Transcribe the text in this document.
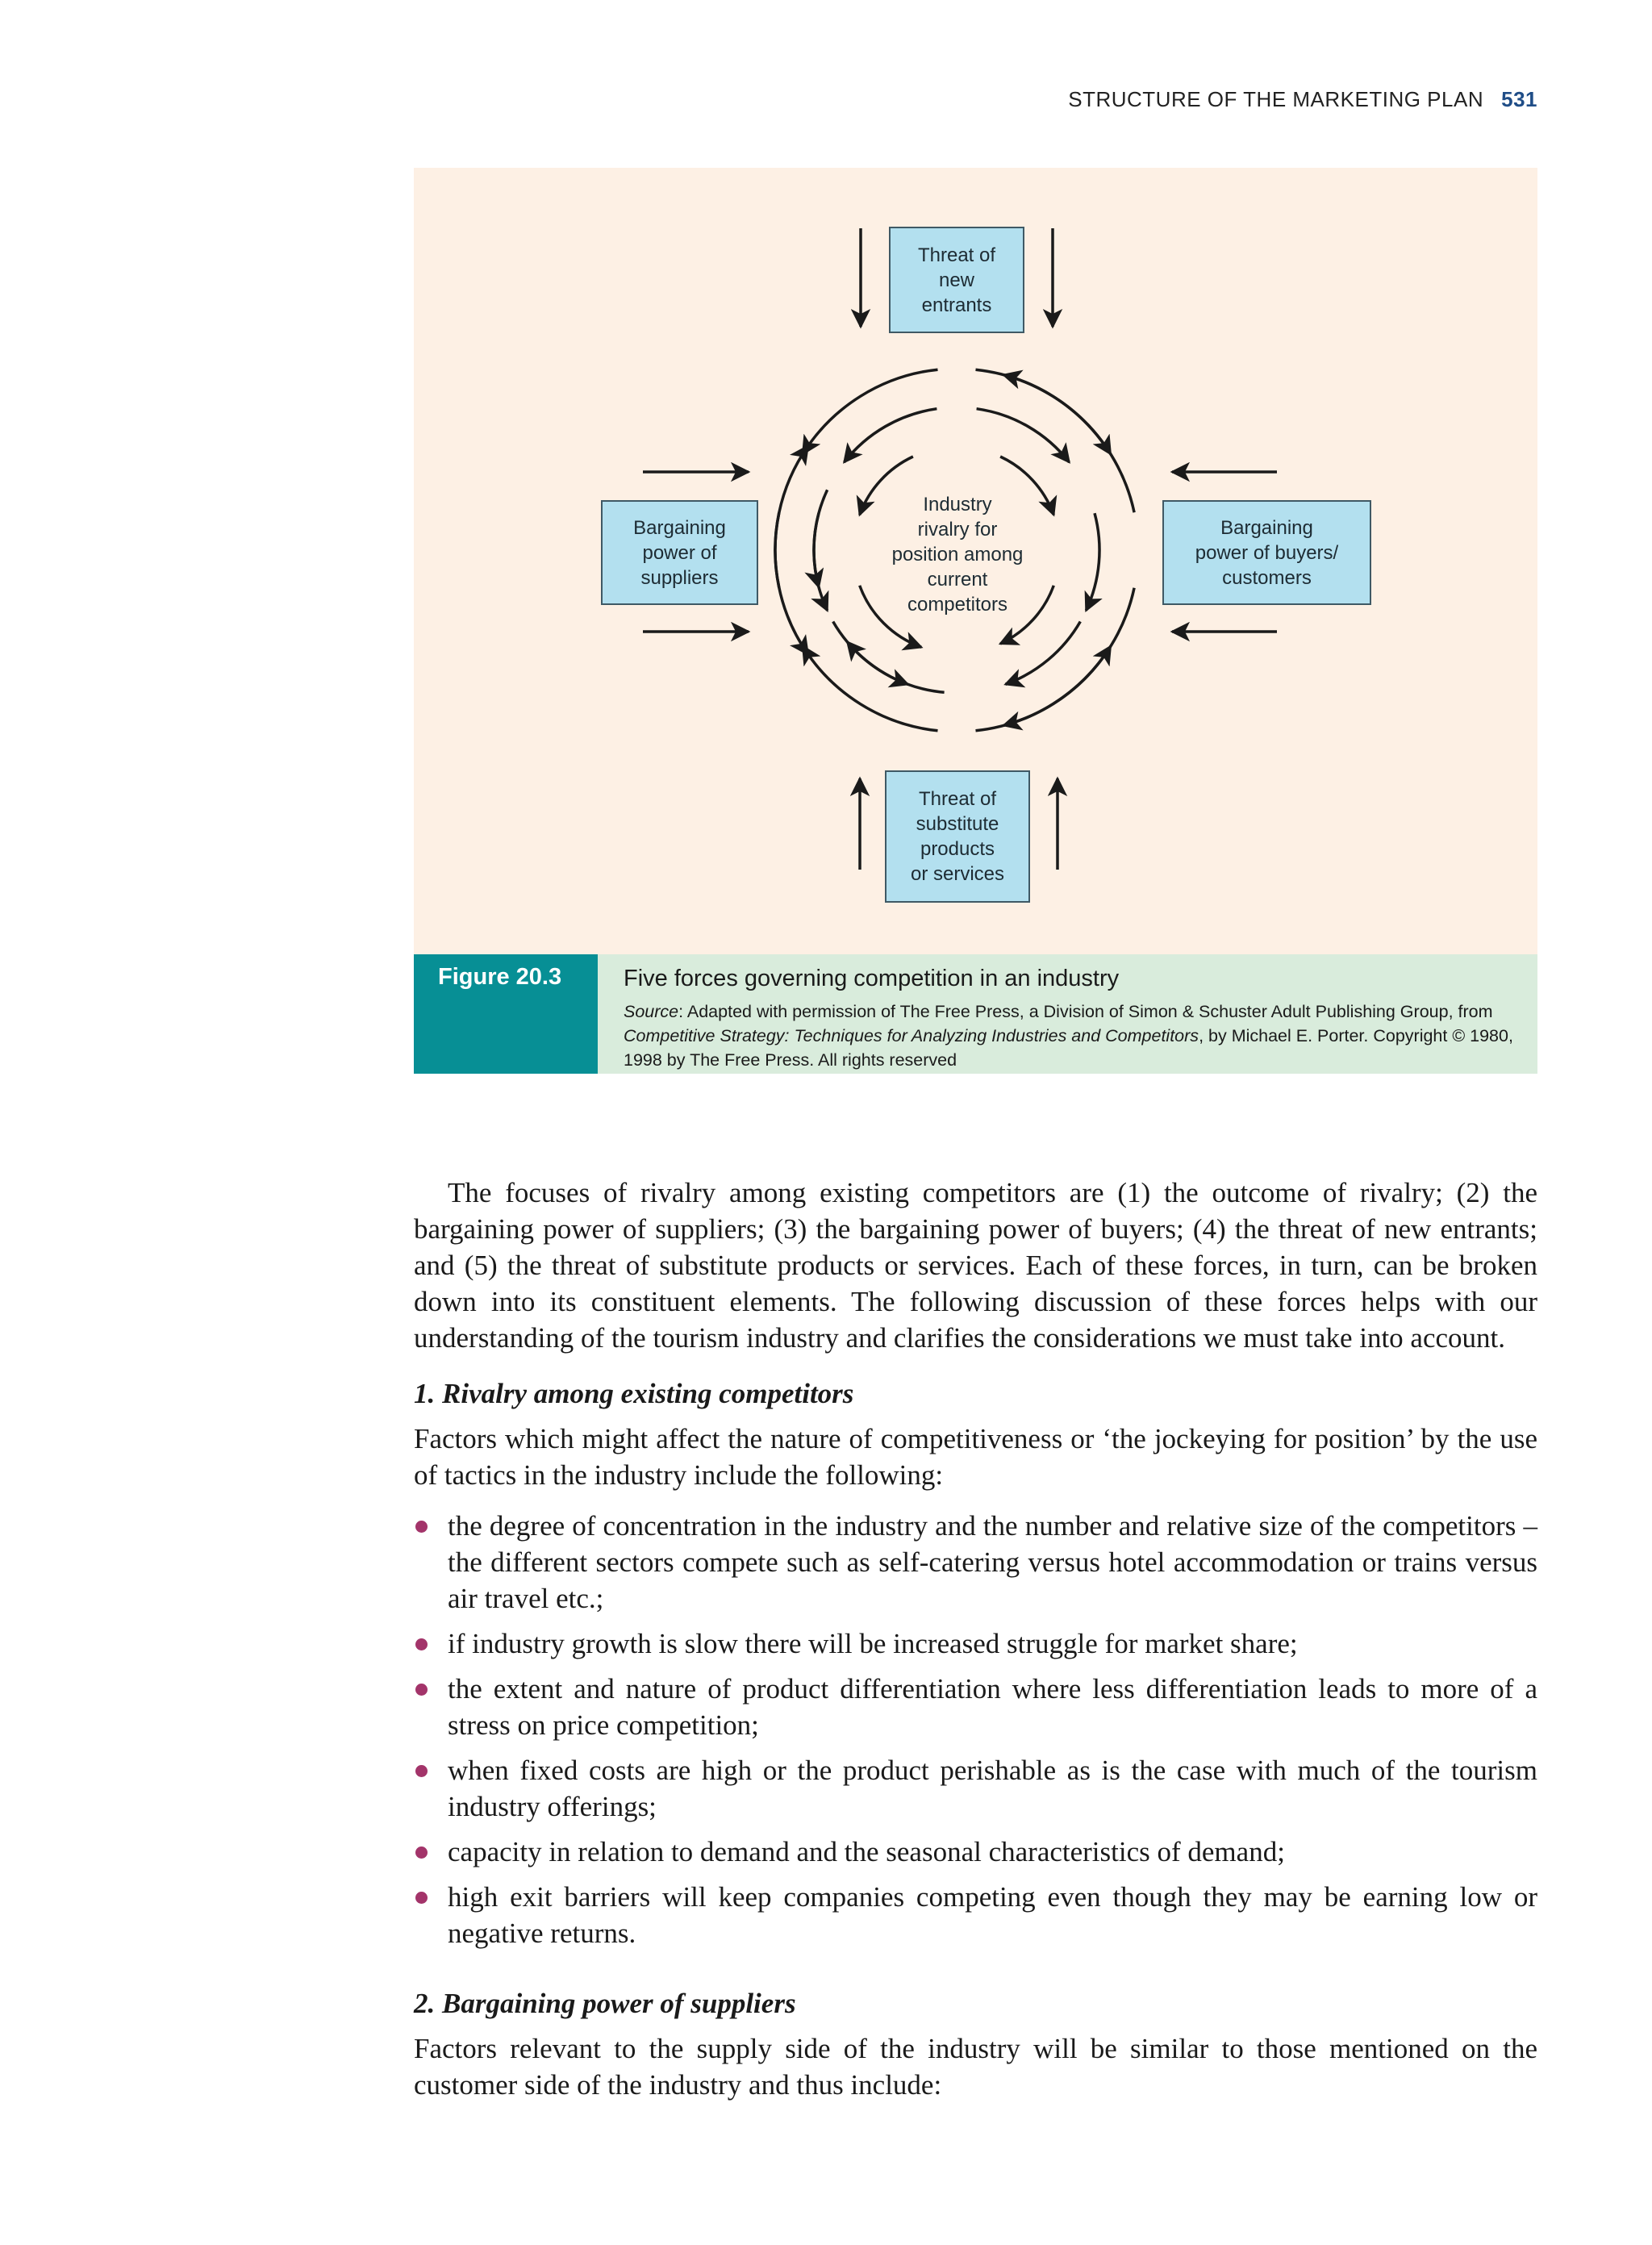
STRUCTURE OF THE MARKETING PLAN 531
Threat of
new
entrants
Bargaining
power of
suppliers
Bargaining
power of buyers/
customers
Threat of
substitute
products
or services
Industry
rivalry for
position among
current
competitors
Figure 20.3	Five forces governing competition in an industry
Source: Adapted with permission of The Free Press, a Division of Simon & Schuster Adult Publishing Group, from Competitive Strategy: Techniques for Analyzing Industries and Competitors, by Michael E. Porter. Copyright © 1980, 1998 by The Free Press. All rights reserved

The focuses of rivalry among existing competitors are (1) the outcome of rivalry; (2) the bargaining power of suppliers; (3) the bargaining power of buyers; (4) the threat of new entrants; and (5) the threat of substitute products or services. Each of these forces, in turn, can be broken down into its constituent elements. The following discussion of these forces helps with our understanding of the tourism industry and clarifies the considerations we must take into account.

1. Rivalry among existing competitors

Factors which might affect the nature of competitiveness or ‘the jockeying for position’ by the use of tactics in the industry include the following:

the degree of concentration in the industry and the number and relative size of the competitors – the different sectors compete such as self-catering versus hotel accommodation or trains versus air travel etc.;
if industry growth is slow there will be increased struggle for market share;
the extent and nature of product differentiation where less differentiation leads to more of a stress on price competition;
when fixed costs are high or the product perishable as is the case with much of the tourism industry offerings;
capacity in relation to demand and the seasonal characteristics of demand;
high exit barriers will keep companies competing even though they may be earning low or negative returns.
2. Bargaining power of suppliers

Factors relevant to the supply side of the industry will be similar to those mentioned on the customer side of the industry and thus include:
